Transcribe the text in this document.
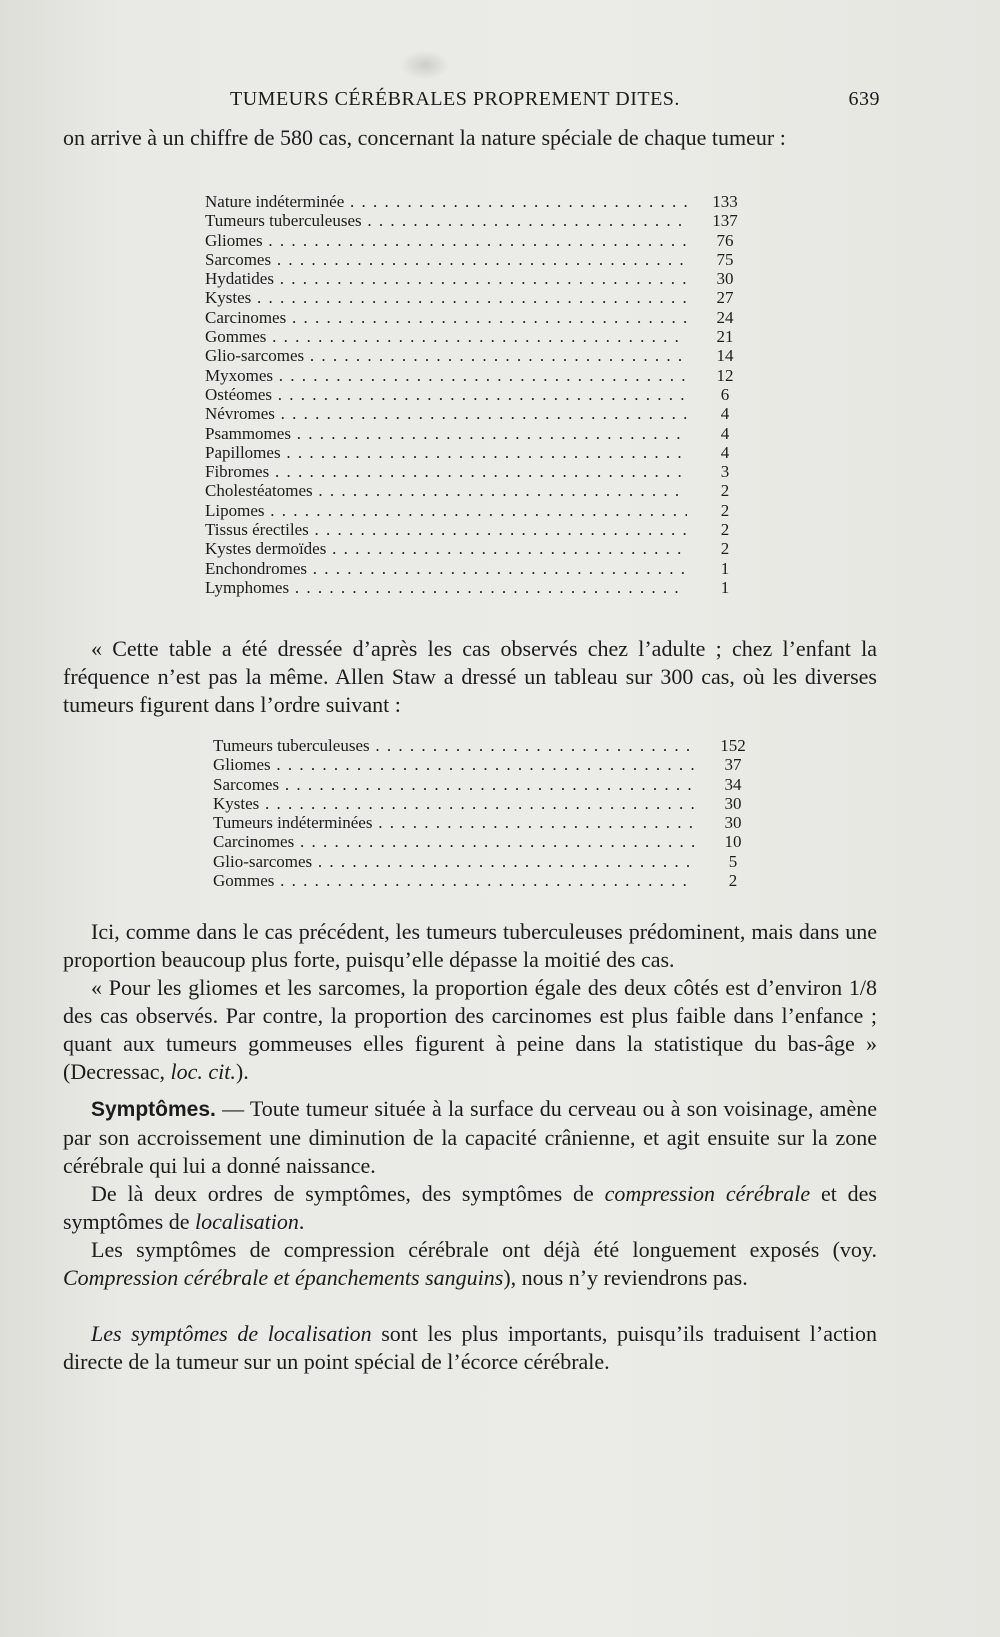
TUMEURS CÉRÉBRALES PROPREMENT DITES.	639
on arrive à un chiffre de 580 cas, concernant la nature spéciale de chaque tumeur :
Nature indéterminée . . .	133
Tumeurs tuberculeuses . . .	137
Gliomes . . .	76
Sarcomes . . .	75
Hydatides . . .	30
Kystes . . .	27
Carcinomes . . .	24
Gommes . . .	21
Glio-sarcomes . . .	14
Myxomes . . .	12
Ostéomes . . .	6
Névromes . . .	4
Psammomes . . .	4
Papillomes . . .	4
Fibromes . . .	3
Cholestéatomes . . .	2
Lipomes . . .	2
Tissus érectiles . . .	2
Kystes dermoïdes . . .	2
Enchondromes . . .	1
Lymphomes . . .	1
« Cette table a été dressée d’après les cas observés chez l’adulte ; chez l’enfant la fréquence n’est pas la même. Allen Staw a dressé un tableau sur 300 cas, où les diverses tumeurs figurent dans l’ordre suivant :
Tumeurs tuberculeuses . . .	152
Gliomes . . .	37
Sarcomes . . .	34
Kystes . . .	30
Tumeurs indéterminées . . .	30
Carcinomes . . .	10
Glio-sarcomes . . .	5
Gommes . . .	2
Ici, comme dans le cas précédent, les tumeurs tuberculeuses prédominent, mais dans une proportion beaucoup plus forte, puisqu’elle dépasse la moitié des cas.
« Pour les gliomes et les sarcomes, la proportion égale des deux côtés est d’environ 1/8 des cas observés. Par contre, la proportion des carcinomes est plus faible dans l’enfance ; quant aux tumeurs gommeuses elles figurent à peine dans la statistique du bas-âge » (Decressac, loc. cit.).
Symptômes. — Toute tumeur située à la surface du cerveau ou à son voisinage, amène par son accroissement une diminution de la capacité crânienne, et agit ensuite sur la zone cérébrale qui lui a donné naissance.
De là deux ordres de symptômes, des symptômes de compression cérébrale et des symptômes de localisation.
Les symptômes de compression cérébrale ont déjà été longuement exposés (voy. Compression cérébrale et épanchements sanguins), nous n’y reviendrons pas.
Les symptômes de localisation sont les plus importants, puisqu’ils traduisent l’action directe de la tumeur sur un point spécial de l’écorce cérébrale.
